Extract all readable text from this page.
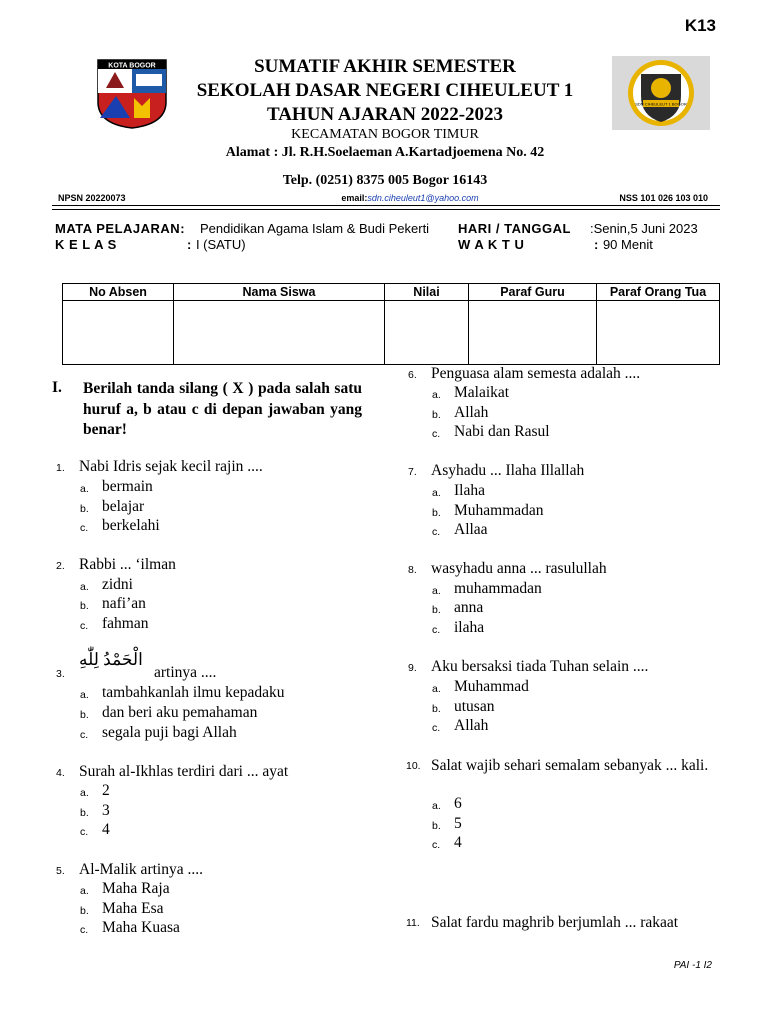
K13
KOTA BOGOR
SDN CIHEULEUT 1 BOGOR
SUMATIF AKHIR SEMESTER
SEKOLAH DASAR NEGERI CIHEULEUT 1
TAHUN AJARAN 2022-2023
KECAMATAN BOGOR TIMUR
Alamat : Jl. R.H.Soelaeman A.Kartadjoemena No. 42
Telp. (0251) 8375 005 Bogor 16143
NPSN 20220073	email:sdn.ciheuleut1@yahoo.com	NSS 101 026 103 010
MATA PELAJARAN: Pendidikan Agama Islam & Budi Pekerti
K E L A S	: I (SATU)
HARI / TANGGAL :Senin,5 Juni 2023
W A K T U	: 90 Menit
No Absen	Nama Siswa	Nilai	Paraf Guru	Paraf Orang Tua

I. Berilah tanda silang ( X ) pada salah satu huruf a, b atau c di depan jawaban yang benar!
1. Nabi Idris sejak kecil rajin ....
a. bermain
b. belajar
c. berkelahi
2. Rabbi ... ‘ilman
a. zidni
b. nafi’an
c. fahman
3.
الْحَمْدُ لِلّٰهِ
artinya ....
a. tambahkanlah ilmu kepadaku
b. dan beri aku pemahaman
c. segala puji bagi Allah
4. Surah al-Ikhlas terdiri dari ... ayat
a. 2
b. 3
c. 4
5. Al-Malik artinya ....
a. Maha Raja
b. Maha Esa
c. Maha Kuasa
6. Penguasa alam semesta adalah ....
a. Malaikat
b. Allah
c. Nabi dan Rasul
7. Asyhadu ... Ilaha Illallah
a. Ilaha
b. Muhammadan
c. Allaa
8. wasyhadu anna ... rasulullah
a. muhammadan
b. anna
c. ilaha
9. Aku bersaksi tiada Tuhan selain ....
a. Muhammad
b. utusan
c. Allah
10. Salat wajib sehari semalam sebanyak ... kali.
a. 6
b. 5
c. 4
11. Salat fardu maghrib berjumlah ... rakaat
PAI -1 I2
